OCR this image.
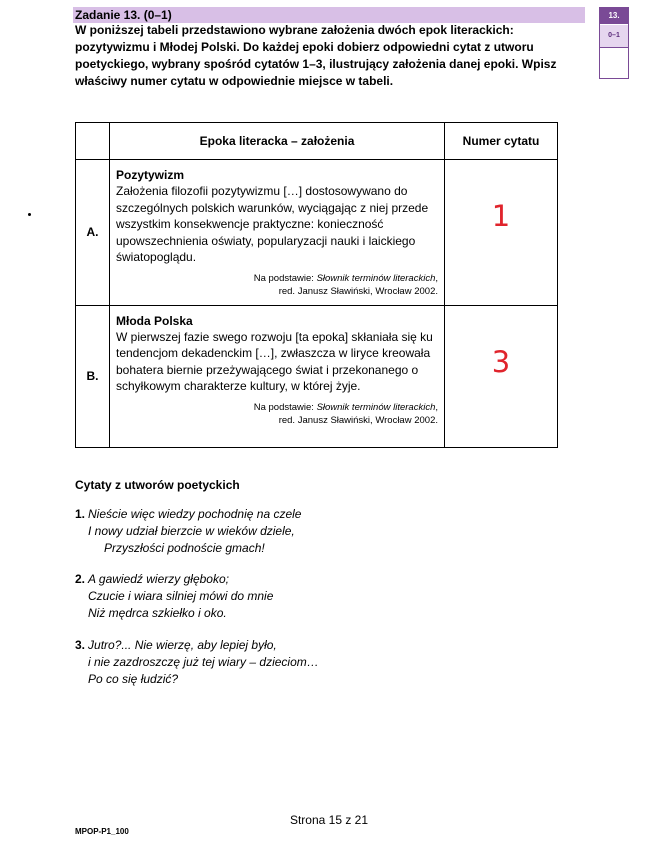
Zadanie 13. (0–1)	13.
0–1
W poniższej tabeli przedstawiono wybrane założenia dwóch epok literackich: pozytywizmu i Młodej Polski. Do każdej epoki dobierz odpowiedni cytat z utworu poetyckiego, wybrany spośród cytatów 1–3, ilustrujący założenia danej epoki. Wpisz właściwy numer cytatu w odpowiednie miejsce w tabeli.
	Epoka literacka – założenia	Numer cytatu
A.	Pozytywizm
Założenia filozofii pozytywizmu […] dostosowywano do szczególnych polskich warunków, wyciągając z niej przede wszystkim konsekwencje praktyczne: konieczność upowszechnienia oświaty, popularyzacji nauki i laickiego światopoglądu.
Na podstawie: Słownik terminów literackich,
red. Janusz Sławiński, Wrocław 2002.	1

B.	Młoda Polska
W pierwszej fazie swego rozwoju [ta epoka] skłaniała się ku tendencjom dekadenckim […], zwłaszcza w liryce kreowała bohatera biernie przeżywającego świat i przekonanego o schyłkowym charakterze kultury, w której żyje.
Na podstawie: Słownik terminów literackich,
red. Janusz Sławiński, Wrocław 2002.	3
Cytaty z utworów poetyckich
1. Nieście więc wiedzy pochodnię na czele
I nowy udział bierzcie w wieków dziele,
Przyszłości podnoście gmach!
2. A gawiedź wierzy głęboko;
Czucie i wiara silniej mówi do mnie
Niż mędrca szkiełko i oko.
3. Jutro?... Nie wierzę, aby lepiej było,
i nie zazdroszczę już tej wiary – dzieciom…
Po co się łudzić?
Strona 15 z 21
MPOP-P1_100
